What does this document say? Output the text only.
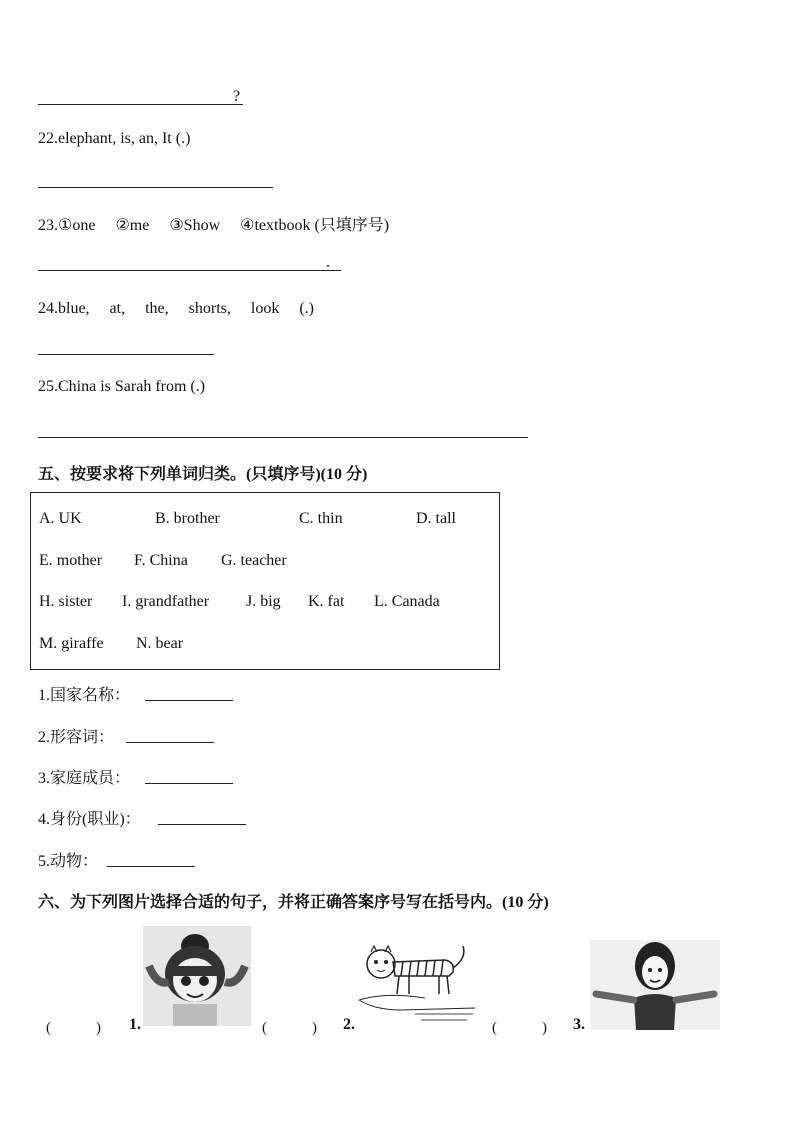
?
22.elephant, is, an, It (.)
23.①one 　②me 　③Show 　④textbook (只填序号)
.
24.blue,　 at,　 the,　 shorts,　 look　 (.)
25.China is Sarah from (.)
五、按要求将下列单词归类。(只填序号)(10 分)
A. UK	B. brother	C. thin	D. tall
E. mother F. China G. teacher
H. sister I. grandfather J. big K. fat L. Canada
M. giraffe N. bear
1.国家名称：
2.形容词：
3.家庭成员：
4.身份(职业)：
5.动物：
六、为下列图片选择合适的句子，并将正确答案序号写在括号内。(10 分)
(　　　) 1.	(　　　) 2.	(　　　) 3.
